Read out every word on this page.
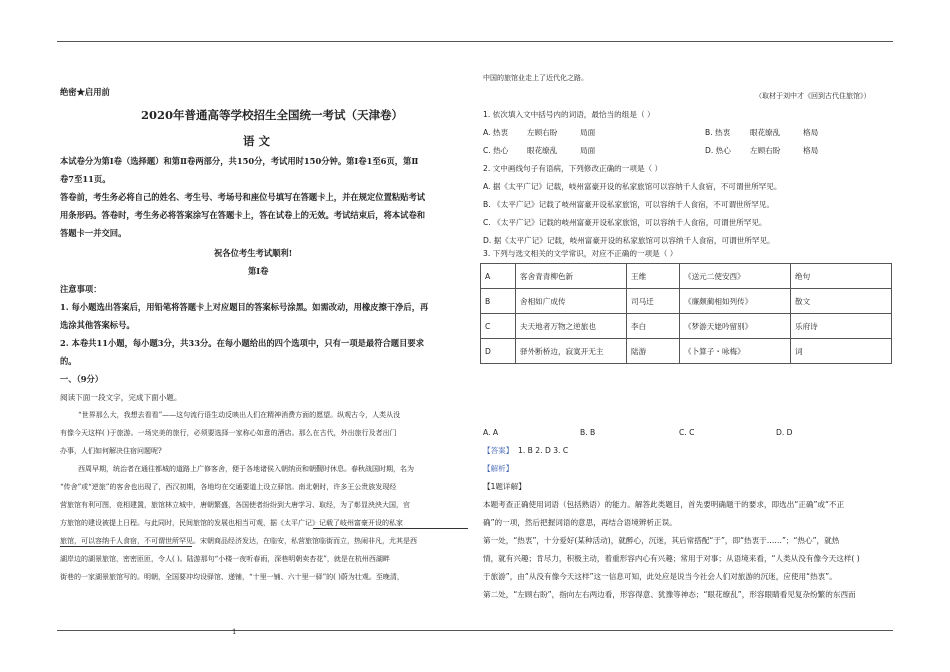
绝密★启用前
2020年普通高等学校招生全国统一考试（天津卷）
语 文
本试卷分为第Ⅰ卷（选择题）和第Ⅱ卷两部分，共150分，考试用时150分钟。第Ⅰ卷1至6页，第Ⅱ
卷7至11页。
答卷前，考生务必将自己的姓名、考生号、考场号和座位号填写在答题卡上，并在规定位置粘贴考试
用条形码。答卷时，考生务必将答案涂写在答题卡上，答在试卷上的无效。考试结束后，将本试卷和
答题卡一并交回。
祝各位考生考试顺利!
第Ⅰ卷
注意事项：
1. 每小题选出答案后，用铅笔将答题卡上对应题目的答案标号涂黑。如需改动，用橡皮擦干净后，再
选涂其他答案标号。
2. 本卷共11小题，每小题3分，共33分。在每小题给出的四个选项中，只有一项是最符合题目要求
的。
一、（9分）
阅读下面一段文字，完成下面小题。
“世界那么大，我想去看看”——这句流行语生动反映出人们在精神消费方面的愿望。纵观古今，人类从没
有像今天这样( )于旅游。一场完美的旅行，必须要选择一家称心如意的酒店。那么在古代，外出旅行及者出门
办事，人们如何解决住宿问题呢?
西周早期，统治者在通往都城的道路上广修客舍，便于各地诸侯入朝纳贡和朝觐时休息。春秋战国时期，名为
“传舍”或“逆旅”的客舍也出现了，西汉初期，各地均在交通要道上设立驿馆。南北朝时，许多王公贵族发现经
营旅馆有利可图，竞相建置，旅馆林立城中，唐朝繁盛，各国使者纷纷到大唐学习、取经，为了彰显泱泱大国，官
方旅馆的建设被提上日程。与此同时，民间旅馆的发展也相当可观，据《太平广记》记载了岐州富豪开设的私家
旅馆，可以容纳千人食宿，不可谓世所罕见。宋朝商品经济发达，在临安，私营旅馆临街而立，热闹非凡，尤其是西
湖岸边的湖景旅馆，密密匝匝，令人( )。陆游那句“小楼一夜听春雨，深巷明朝卖杏花”，就是在杭州西湖畔
街巷的一家湖景旅馆写的。明朝，全国要冲均设驿馆、递铺，“十里一铺、六十里一驿”的( )蔚为壮观。至晚清，
中国的旅馆业走上了近代化之路。
（取材于刘中才《回到古代住旅馆》）
1. 依次填入文中括号内的词语，最恰当的组是（ ）
A. 热衷 左顾右盼	局面	B. 热衷	眼花缭乱	格局
C. 热心 眼花缭乱	局面	D. 热心	左顾右盼	格局
2. 文中画线句子有语病，下列修改正确的一项是（ ）
A. 据《太平广记》记载，岐州富豪开设的私家旅馆可以容纳千人食宿，不可谓世所罕见。
B. 《太平广记》记载了岐州富豪开设私家旅馆，可以容纳千人食宿，不可谓世所罕见。
C. 《太平广记》记载的岐州富豪开设私家旅馆，可以容纳千人食宿，可谓世所罕见。
D. 据《太平广记》记载，岐州富豪开设的私家旅馆可以容纳千人食宿，可谓世所罕见。
3. 下列与选文相关的文学常识，对应不正确的一项是（ ）
A	客舍青青柳色新	王维	《送元二使安西》	绝句
B	舍相如广成传	司马迁	《廉颇蔺相如列传》	散文
C	夫天地者万物之逆旅也	李白	《梦游天姥吟留别》	乐府诗
D	驿外断桥边，寂寞开无主	陆游	《卜算子・咏梅》	词
A. A	B. B	C. C	D. D
【答案】 1. B 2. D 3. C
【解析】
【1题详解】
本题考查正确使用词语（包括熟语）的能力。解答此类题目，首先要明确题干的要求，即选出“正确”或“不正
确”的一项，然后把握词语的意思，再结合语境辨析正误。
第一处，“热衷”，十分爱好(某种活动)，就醉心，沉迷，其后常搭配“于”，即“热衷于……”；“热心”，就热
情，就有兴趣；肯尽力，积极主动，着重形容内心有兴趣；常用于对事；从语境来看，“人类从没有像今天这样( )
于旅游”，由“从没有像今天这样”这一信息可知，此处应是说当今社会人们对旅游的沉迷，应使用“热衷”。
第二处，“左顾右盼”，指向左右两边看，形容得意、犹豫等神态；“眼花缭乱”，形容眼睛看见复杂纷繁的东西而
1
